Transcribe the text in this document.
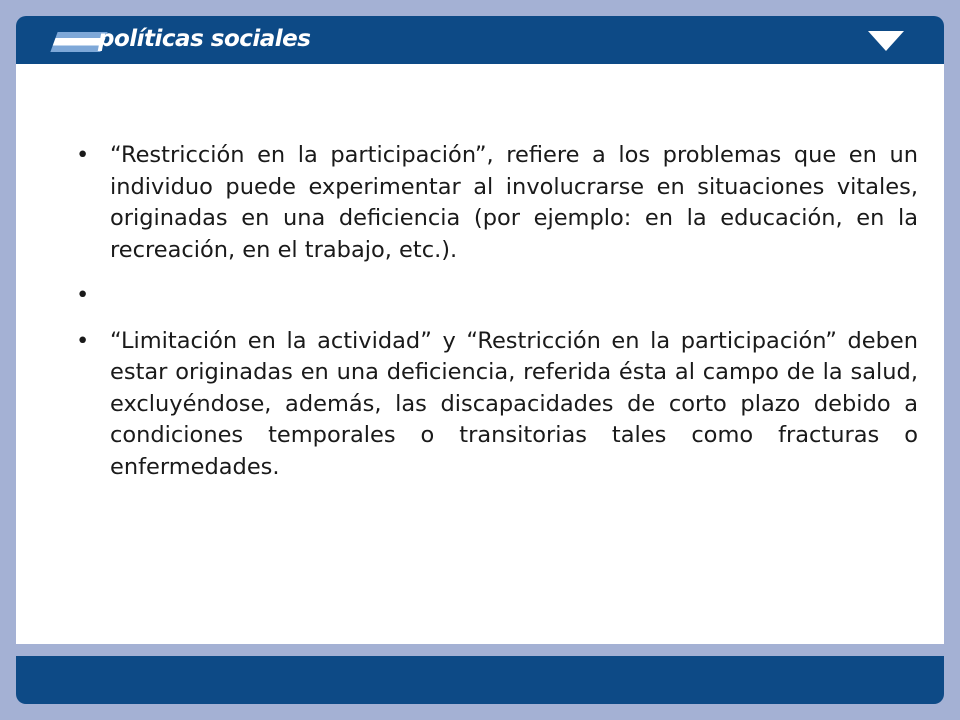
políticas sociales
• “Restricción en la participación”, refiere a los problemas que en un individuo puede experimentar al involucrarse en situaciones vitales, originadas en una deficiencia (por ejemplo: en la educación, en la recreación, en el trabajo, etc.).
•
• “Limitación en la actividad” y “Restricción en la participación” deben estar originadas en una deficiencia, referida ésta al campo de la salud, excluyéndose, además, las discapacidades de corto plazo debido a condiciones temporales o transitorias tales como fracturas o enfermedades.
